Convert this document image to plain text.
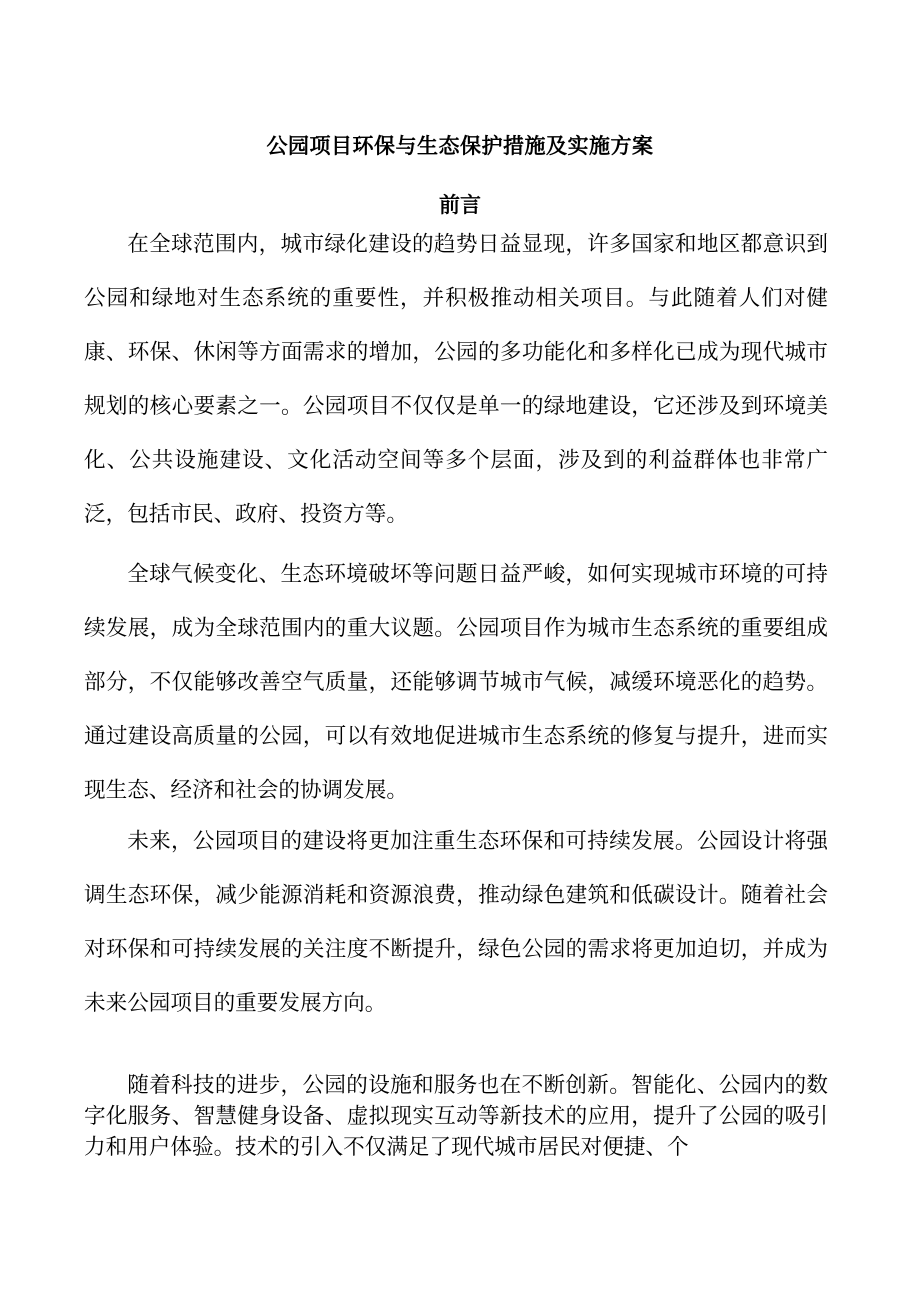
公园项目环保与生态保护措施及实施方案
前言

在全球范围内，城市绿化建设的趋势日益显现，许多国家和地区都意识到公园和绿地对生态系统的重要性，并积极推动相关项目。与此随着人们对健康、环保、休闲等方面需求的增加，公园的多功能化和多样化已成为现代城市规划的核心要素之一。公园项目不仅仅是单一的绿地建设，它还涉及到环境美化、公共设施建设、文化活动空间等多个层面，涉及到的利益群体也非常广泛，包括市民、政府、投资方等。

全球气候变化、生态环境破坏等问题日益严峻，如何实现城市环境的可持续发展，成为全球范围内的重大议题。公园项目作为城市生态系统的重要组成部分，不仅能够改善空气质量，还能够调节城市气候，减缓环境恶化的趋势。通过建设高质量的公园，可以有效地促进城市生态系统的修复与提升，进而实现生态、经济和社会的协调发展。

未来，公园项目的建设将更加注重生态环保和可持续发展。公园设计将强调生态环保，减少能源消耗和资源浪费，推动绿色建筑和低碳设计。随着社会对环保和可持续发展的关注度不断提升，绿色公园的需求将更加迫切，并成为未来公园项目的重要发展方向。

随着科技的进步，公园的设施和服务也在不断创新。智能化、公园内的数字化服务、智慧健身设备、虚拟现实互动等新技术的应用，提升了公园的吸引力和用户体验。技术的引入不仅满足了现代城市居民对便捷、个
